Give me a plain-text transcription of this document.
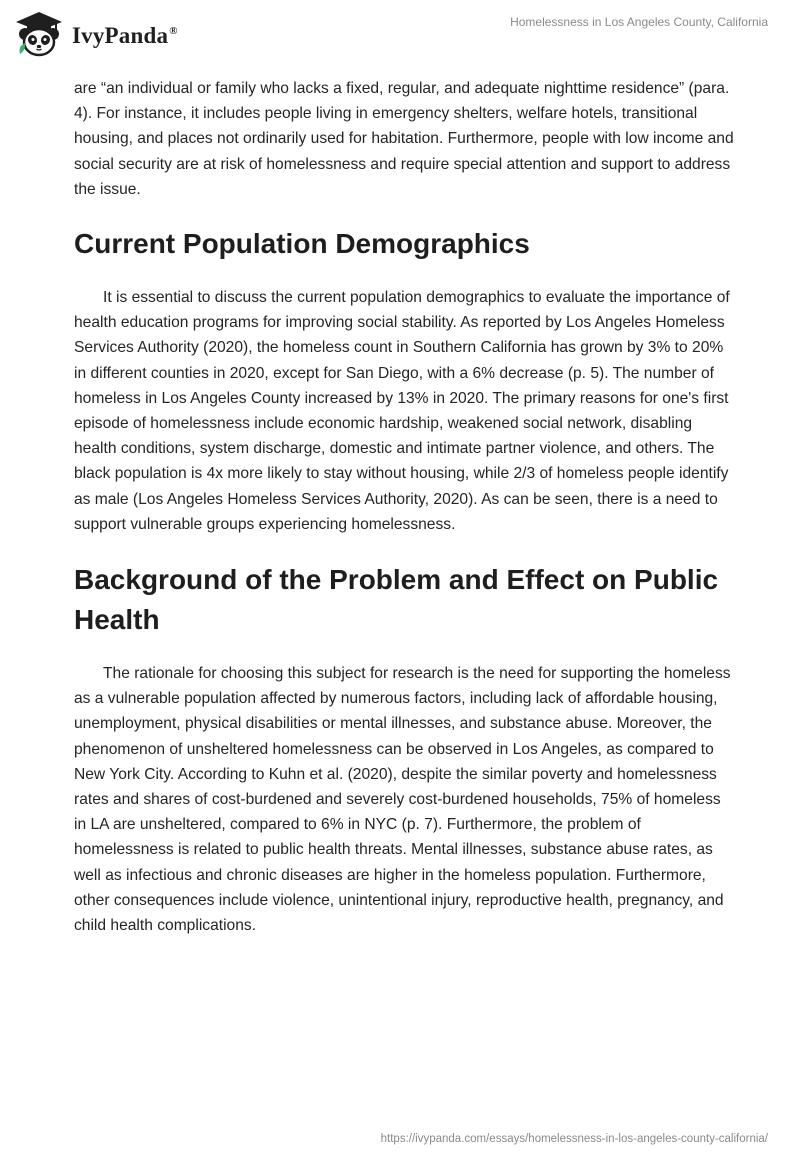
IvyPanda®
Homelessness in Los Angeles County, California

are “an individual or family who lacks a fixed, regular, and adequate nighttime residence” (para. 4). For instance, it includes people living in emergency shelters, welfare hotels, transitional housing, and places not ordinarily used for habitation. Furthermore, people with low income and social security are at risk of homelessness and require special attention and support to address the issue.

Current Population Demographics

It is essential to discuss the current population demographics to evaluate the importance of health education programs for improving social stability. As reported by Los Angeles Homeless Services Authority (2020), the homeless count in Southern California has grown by 3% to 20% in different counties in 2020, except for San Diego, with a 6% decrease (p. 5). The number of homeless in Los Angeles County increased by 13% in 2020. The primary reasons for one's first episode of homelessness include economic hardship, weakened social network, disabling health conditions, system discharge, domestic and intimate partner violence, and others. The black population is 4x more likely to stay without housing, while 2/3 of homeless people identify as male (Los Angeles Homeless Services Authority, 2020). As can be seen, there is a need to support vulnerable groups experiencing homelessness.

Background of the Problem and Effect on Public Health

The rationale for choosing this subject for research is the need for supporting the homeless as a vulnerable population affected by numerous factors, including lack of affordable housing, unemployment, physical disabilities or mental illnesses, and substance abuse. Moreover, the phenomenon of unsheltered homelessness can be observed in Los Angeles, as compared to New York City. According to Kuhn et al. (2020), despite the similar poverty and homelessness rates and shares of cost-burdened and severely cost-burdened households, 75% of homeless in LA are unsheltered, compared to 6% in NYC (p. 7). Furthermore, the problem of homelessness is related to public health threats. Mental illnesses, substance abuse rates, as well as infectious and chronic diseases are higher in the homeless population. Furthermore, other consequences include violence, unintentional injury, reproductive health, pregnancy, and child health complications.

https://ivypanda.com/essays/homelessness-in-los-angeles-county-california/
